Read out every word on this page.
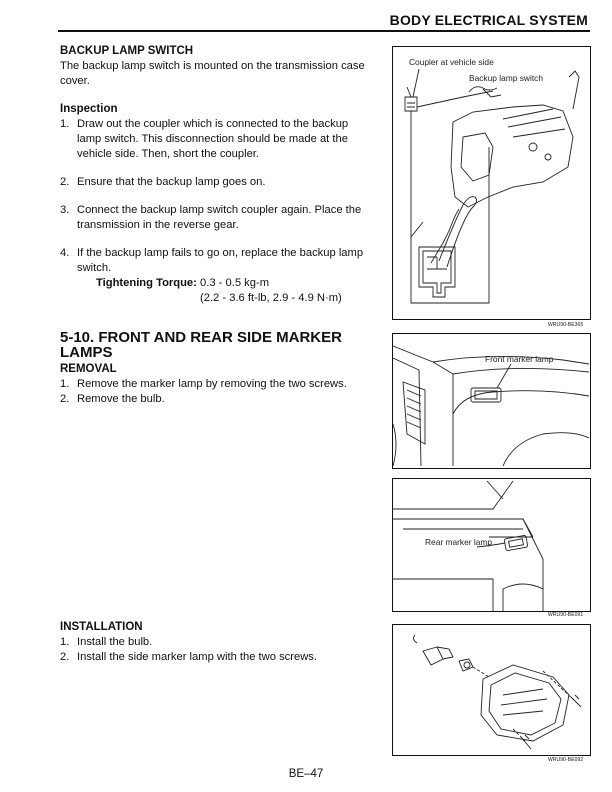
BODY ELECTRICAL SYSTEM
BACKUP LAMP SWITCH
The backup lamp switch is mounted on the transmission case cover.
Inspection
1. Draw out the coupler which is connected to the backup lamp switch. This disconnection should be made at the vehicle side. Then, short the coupler.
2. Ensure that the backup lamp goes on.
3. Connect the backup lamp switch coupler again. Place the transmission in the reverse gear.
4. If the backup lamp fails to go on, replace the backup lamp switch.
Tightening Torque: 0.3 - 0.5 kg-m
(2.2 - 3.6 ft-lb, 2.9 - 4.9 N·m)
5-10. FRONT AND REAR SIDE MARKER LAMPS
REMOVAL
1. Remove the marker lamp by removing the two screws.
2. Remove the bulb.
INSTALLATION
1. Install the bulb.
2. Install the side marker lamp with the two screws.
Coupler at vehicle side
Backup lamp switch
WRU90-BE365
Front marker lamp
Rear marker lamp
WRU90-BE091
WRU90-BE092
BE–47
